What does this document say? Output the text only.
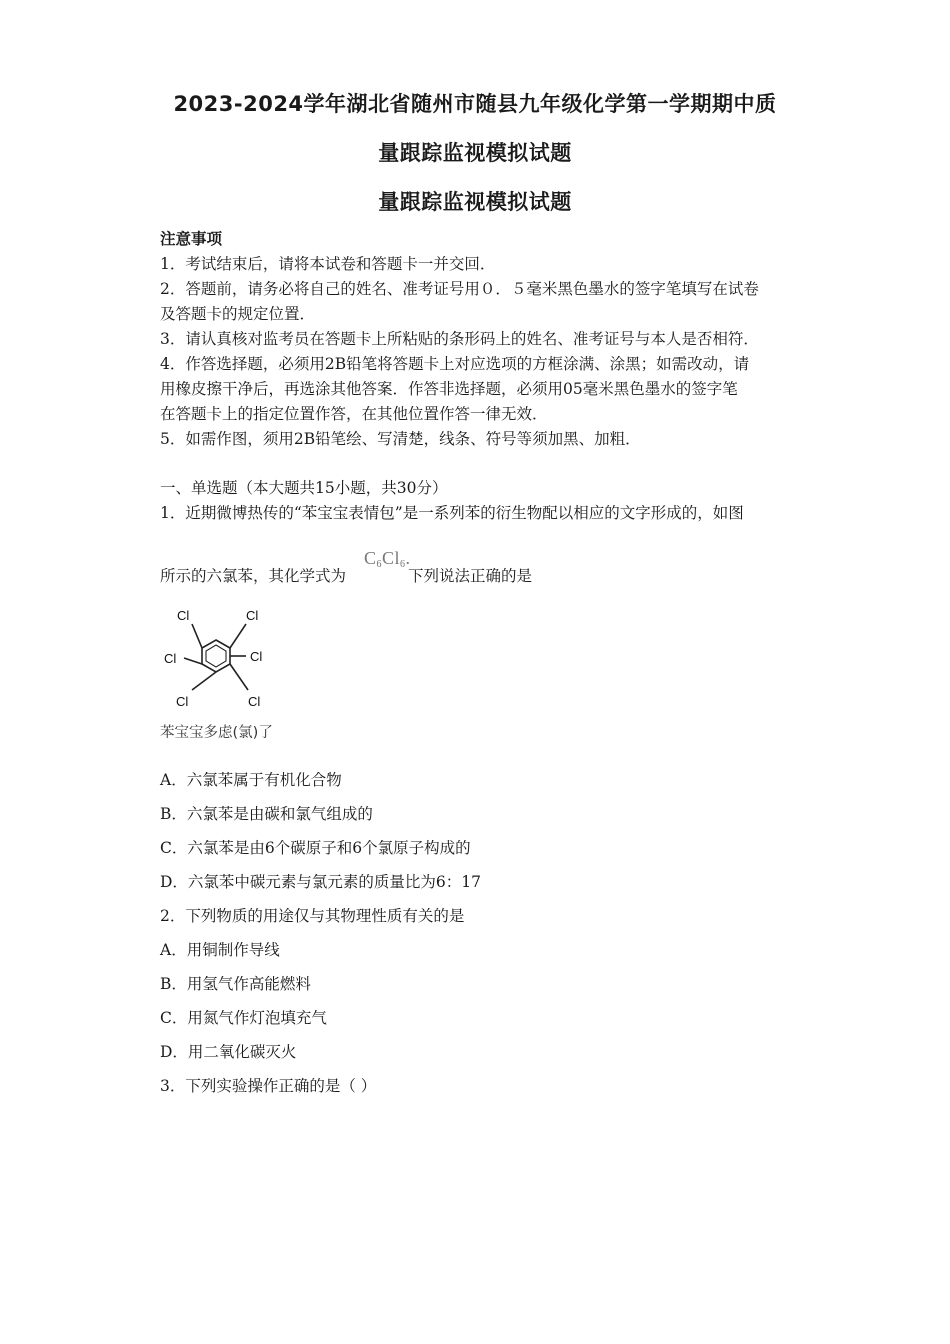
2023-2024学年湖北省随州市随县九年级化学第一学期期中质
量跟踪监视模拟试题
量跟踪监视模拟试题
注意事项
1．考试结束后，请将本试卷和答题卡一并交回．
2．答题前，请务必将自己的姓名、准考证号用０．５毫米黑色墨水的签字笔填写在试卷
及答题卡的规定位置．
3．请认真核对监考员在答题卡上所粘贴的条形码上的姓名、准考证号与本人是否相符．
4．作答选择题，必须用2B铅笔将答题卡上对应选项的方框涂满、涂黑；如需改动，请
用橡皮擦干净后，再选涂其他答案．作答非选择题，必须用05毫米黑色墨水的签字笔
在答题卡上的指定位置作答，在其他位置作答一律无效．
5．如需作图，须用2B铅笔绘、写清楚，线条、符号等须加黑、加粗．
一、单选题（本大题共15小题，共30分）
1．近期微博热传的“苯宝宝表情包”是一系列苯的衍生物配以相应的文字形成的，如图
所示的六氯苯，其化学式为	下列说法正确的是
$C_6Cl_6$.
Cl	Cl
Cl	Cl
Cl	Cl
苯宝宝多虑(氯)了
A．六氯苯属于有机化合物
B．六氯苯是由碳和氯气组成的
C．六氯苯是由6个碳原子和6个氯原子构成的
D．六氯苯中碳元素与氯元素的质量比为6：17
2．下列物质的用途仅与其物理性质有关的是
A．用铜制作导线
B．用氢气作高能燃料
C．用氮气作灯泡填充气
D．用二氧化碳灭火
3．下列实验操作正确的是（ ）
